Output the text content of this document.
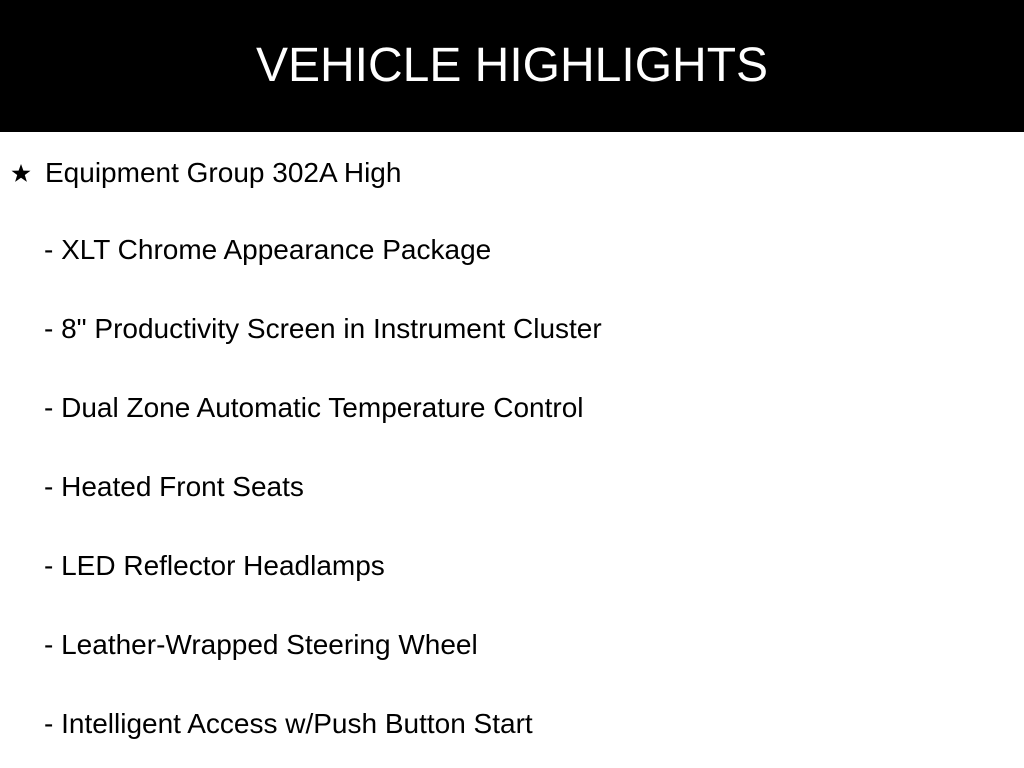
VEHICLE HIGHLIGHTS
Equipment Group 302A High
- XLT Chrome Appearance Package
- 8" Productivity Screen in Instrument Cluster
- Dual Zone Automatic Temperature Control
- Heated Front Seats
- LED Reflector Headlamps
- Leather-Wrapped Steering Wheel
- Intelligent Access w/Push Button Start
